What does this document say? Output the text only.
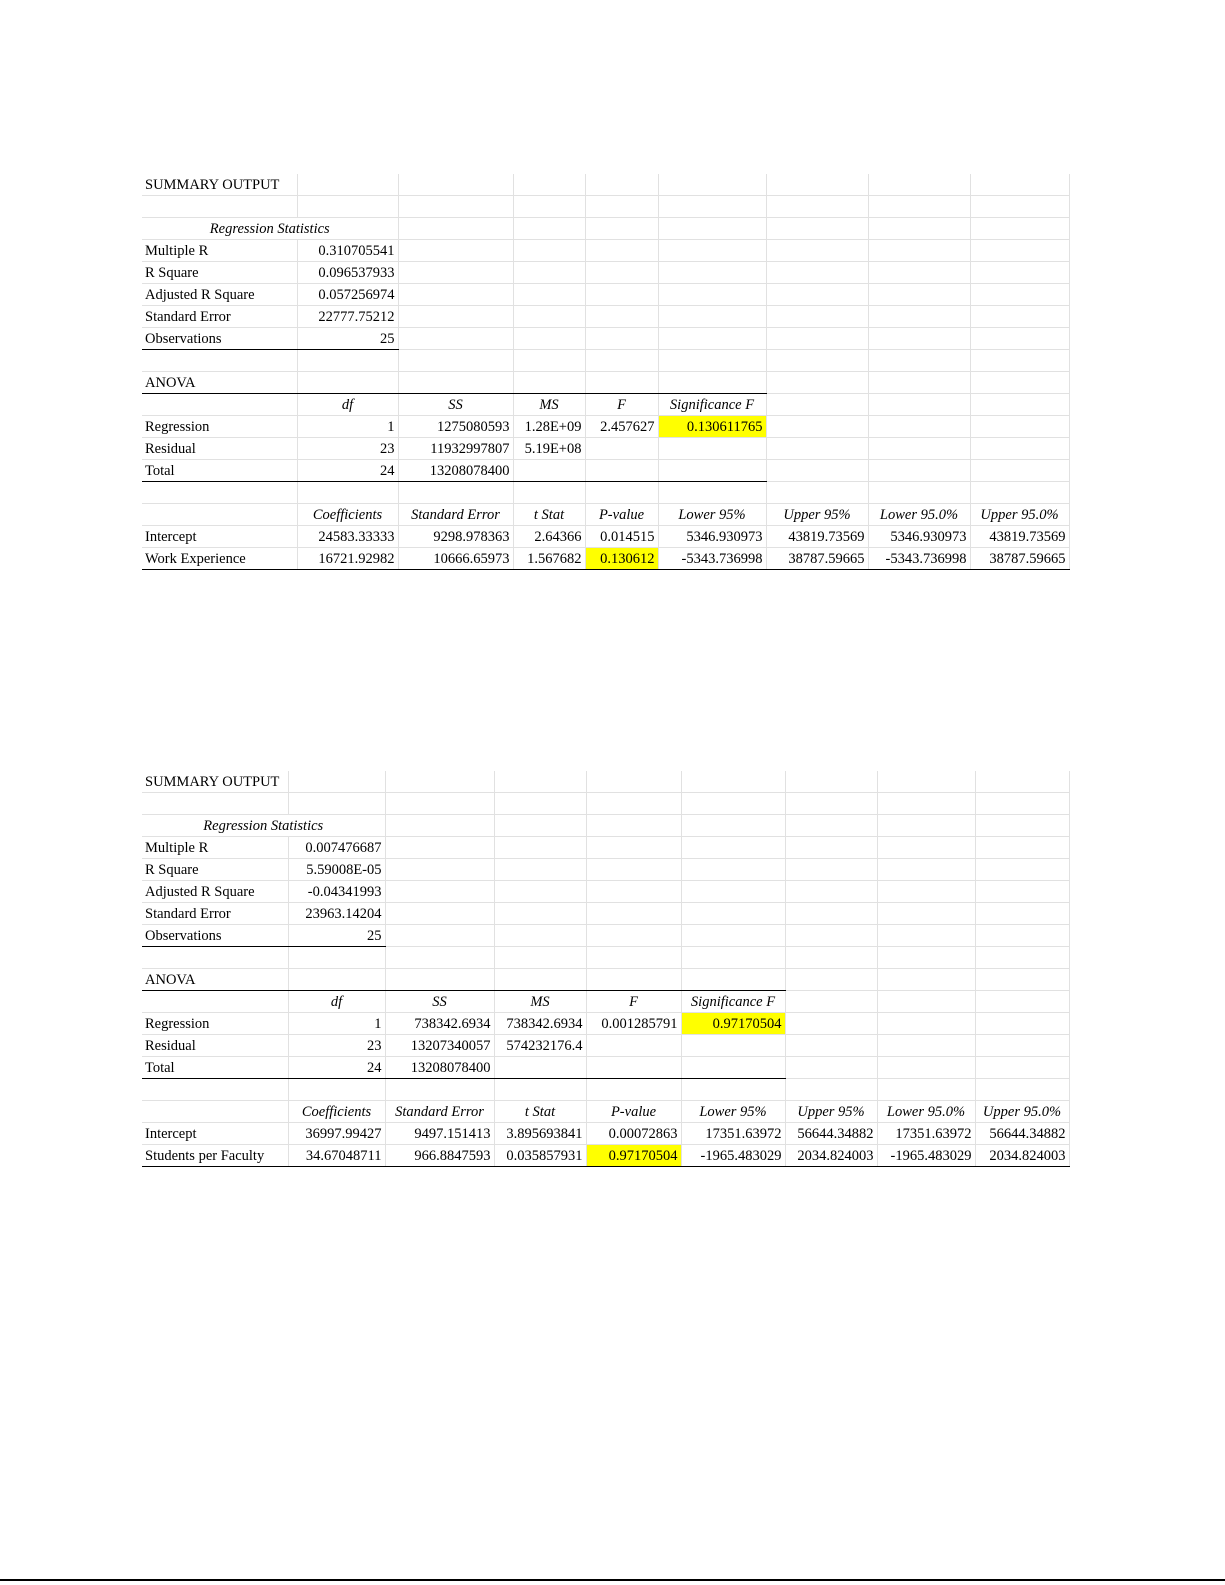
SUMMARY OUTPUT								

Regression Statistics								
Multiple R	0.310705541							
R Square	0.096537933							
Adjusted R Square	0.057256974							
Standard Error	22777.75212							
Observations	25							

ANOVA								
	df	SS	MS	F	Significance F			
Regression	1	1275080593	1.28E+09	2.457627	0.130611765			
Residual	23	11932997807	5.19E+08					
Total	24	13208078400						

	Coefficients	Standard Error	t Stat	P-value	Lower 95%	Upper 95%	Lower 95.0%	Upper 95.0%
Intercept	24583.33333	9298.978363	2.64366	0.014515	5346.930973	43819.73569	5346.930973	43819.73569
Work Experience	16721.92982	10666.65973	1.567682	0.130612	-5343.736998	38787.59665	-5343.736998	38787.59665
SUMMARY OUTPUT								

Regression Statistics								
Multiple R	0.007476687							
R Square	5.59008E-05							
Adjusted R Square	-0.04341993							
Standard Error	23963.14204							
Observations	25							

ANOVA								
	df	SS	MS	F	Significance F			
Regression	1	738342.6934	738342.6934	0.001285791	0.97170504			
Residual	23	13207340057	574232176.4					
Total	24	13208078400						

	Coefficients	Standard Error	t Stat	P-value	Lower 95%	Upper 95%	Lower 95.0%	Upper 95.0%
Intercept	36997.99427	9497.151413	3.895693841	0.00072863	17351.63972	56644.34882	17351.63972	56644.34882
Students per Faculty	34.67048711	966.8847593	0.035857931	0.97170504	-1965.483029	2034.824003	-1965.483029	2034.824003
